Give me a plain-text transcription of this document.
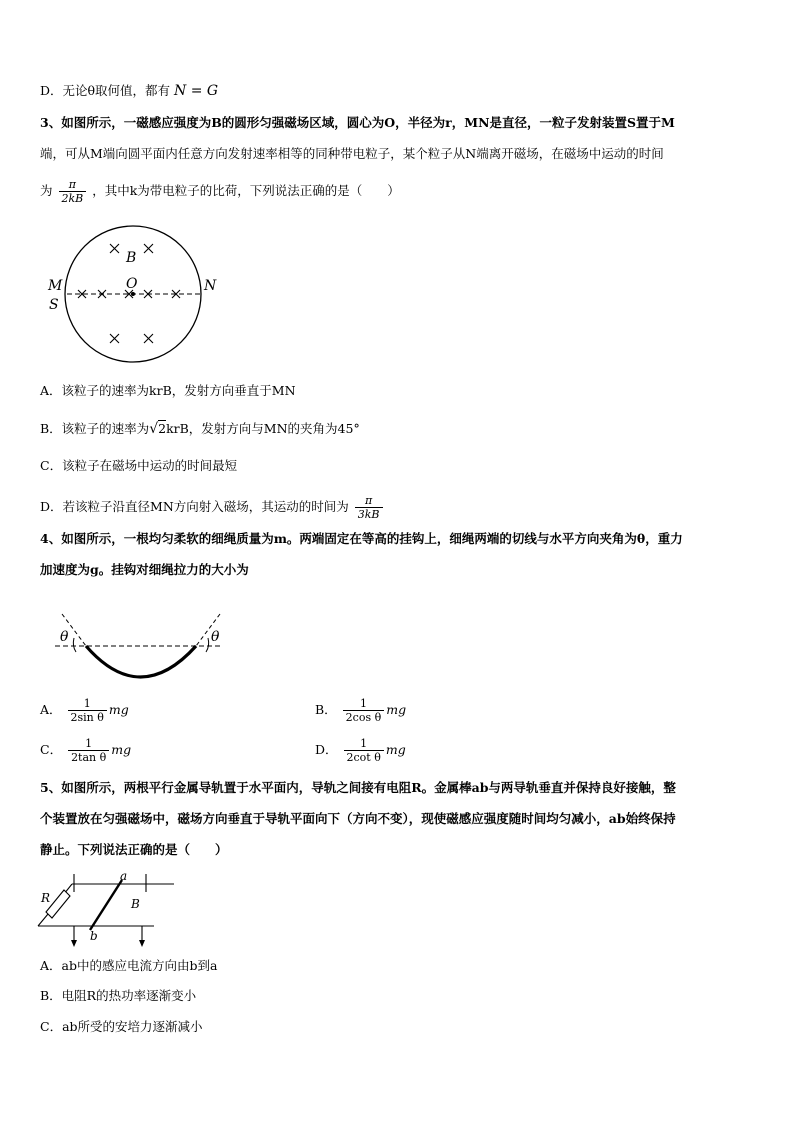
D．无论θ取何值，都有 N = G
3、如图所示，一磁感应强度为B的圆形匀强磁场区域，圆心为O，半径为r，MN是直径，一粒子发射装置S置于M
端，可从M端向圆平面内任意方向发射速率相等的同种带电粒子，某个粒子从N端离开磁场，在磁场中运动的时间
为 $\frac{\pi}{2kB}$ ，其中k为带电粒子的比荷，下列说法正确的是（　　）
B
O
M
S
N
A．该粒子的速率为krB，发射方向垂直于MN
B．该粒子的速率为√2krB，发射方向与MN的夹角为45°
C．该粒子在磁场中运动的时间最短
D．若该粒子沿直径MN方向射入磁场，其运动的时间为 $\frac{\pi}{3kB}$
4、如图所示，一根均匀柔软的细绳质量为m。两端固定在等高的挂钩上，细绳两端的切线与水平方向夹角为θ，重力
加速度为g。挂钩对细绳拉力的大小为
θ	θ
A． $\frac{1}{\text{2sin θ}}$ mg	B． $\frac{1}{\text{2cos θ}}$ mg
C． $\frac{1}{\text{2tan θ}}$ mg	D． $\frac{1}{\text{2cot θ}}$ mg
5、如图所示，两根平行金属导轨置于水平面内，导轨之间接有电阻R。金属棒ab与两导轨垂直并保持良好接触，整
个装置放在匀强磁场中，磁场方向垂直于导轨平面向下（方向不变），现使磁感应强度随时间均匀减小，ab始终保持
静止。下列说法正确的是（　　）
R
a
b
B
A．ab中的感应电流方向由b到a
B．电阻R的热功率逐渐变小
C．ab所受的安培力逐渐减小
